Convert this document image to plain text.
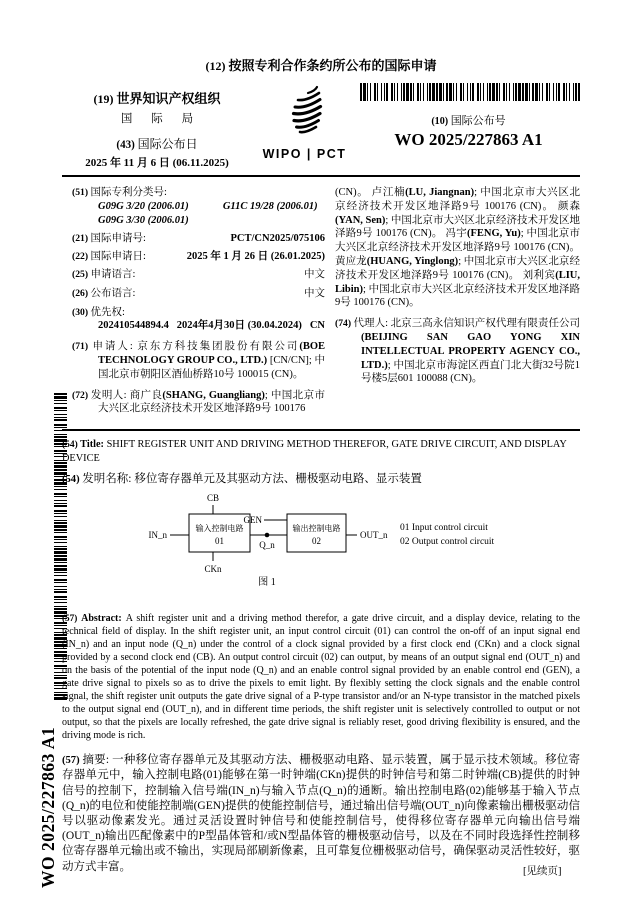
WO 2025/227863 A1
(12) 按照专利合作条约所公布的国际申请
(19) 世界知识产权组织
国 际 局
(43) 国际公布日
2025 年 11 月 6 日 (06.11.2025)
WIPO | PCT
(10) 国际公布号
WO 2025/227863 A1
(51) 国际专利分类号:
G09G 3/20 (2006.01)	G11C 19/28 (2006.01)
G09G 3/30 (2006.01)
(21) 国际申请号:	PCT/CN2025/075106
(22) 国际申请日:	2025 年 1 月 26 日 (26.01.2025)
(25) 申请语言:	中文
(26) 公布语言:	中文
(30) 优先权:
202410544894.4 2024年4月30日 (30.04.2024) CN
(71) 申请人: 京东方科技集团股份有限公司(BOE TECHNOLOGY GROUP CO., LTD.) [CN/CN]; 中国北京市朝阳区酒仙桥路10号 100015 (CN)。
(72) 发明人: 商广良(SHANG, Guangliang); 中国北京市大兴区北京经济技术开发区地泽路9号 100176
(CN)。 卢江楠(LU, Jiangnan); 中国北京市大兴区北京经济技术开发区地泽路9号 100176 (CN)。 颜森(YAN, Sen); 中国北京市大兴区北京经济技术开发区地泽路9号 100176 (CN)。 冯宇(FENG, Yu); 中国北京市大兴区北京经济技术开发区地泽路9号 100176 (CN)。 黄应龙(HUANG, Yinglong); 中国北京市大兴区北京经济技术开发区地泽路9号 100176 (CN)。 刘利宾(LIU, Libin); 中国北京市大兴区北京经济技术开发区地泽路9号 100176 (CN)。
(74) 代理人: 北京三高永信知识产权代理有限责任公司(BEIJING SAN GAO YONG XIN INTELLECTUAL PROPERTY AGENCY CO., LTD.); 中国北京市海淀区西直门北大街32号院1号楼5层601 100088 (CN)。
(54) Title: SHIFT REGISTER UNIT AND DRIVING METHOD THEREFOR, GATE DRIVE CIRCUIT, AND DISPLAY DEVICE
(54) 发明名称: 移位寄存器单元及其驱动方法、栅极驱动电路、显示装置
输入控制电路
01
输出控制电路
02
CB
CKn
IN_n
GEN
Q_n
OUT_n
01 Input control circuit
02 Output control circuit
图 1
(57) Abstract: A shift register unit and a driving method therefor, a gate drive circuit, and a display device, relating to the technical field of display. In the shift register unit, an input control circuit (01) can control the on-off of an input signal end (IN_n) and an input node (Q_n) under the control of a clock signal provided by a first clock end (CKn) and a clock signal provided by a second clock end (CB). An output control circuit (02) can output, by means of an output signal end (OUT_n) and on the basis of the potential of the input node (Q_n) and an enable control signal provided by an enable control end (GEN), a gate drive signal to pixels so as to drive the pixels to emit light. By flexibly setting the clock signals and the enable control signal, the shift register unit outputs the gate drive signal of a P-type transistor and/or an N-type transistor in the matched pixels to the output signal end (OUT_n), and in different time periods, the shift register unit is selectively controlled to output or not output, so that the pixels are locally refreshed, the gate drive signal is reliably reset, good driving flexibility is ensured, and the driving mode is rich.
(57) 摘要: 一种移位寄存器单元及其驱动方法、栅极驱动电路、显示装置，属于显示技术领域。移位寄存器单元中，输入控制电路(01)能够在第一时钟端(CKn)提供的时钟信号和第二时钟端(CB)提供的时钟信号的控制下，控制输入信号端(IN_n)与输入节点(Q_n)的通断。输出控制电路(02)能够基于输入节点(Q_n)的电位和使能控制端(GEN)提供的使能控制信号，通过输出信号端(OUT_n)向像素输出栅极驱动信号以驱动像素发光。通过灵活设置时钟信号和使能控制信号，使得移位寄存器单元向输出信号端(OUT_n)输出匹配像素中的P型晶体管和/或N型晶体管的栅极驱动信号，以及在不同时段选择性控制移位寄存器单元输出或不输出，实现局部刷新像素，且可靠复位栅极驱动信号，确保驱动灵活性较好，驱动方式丰富。	[见续页]
